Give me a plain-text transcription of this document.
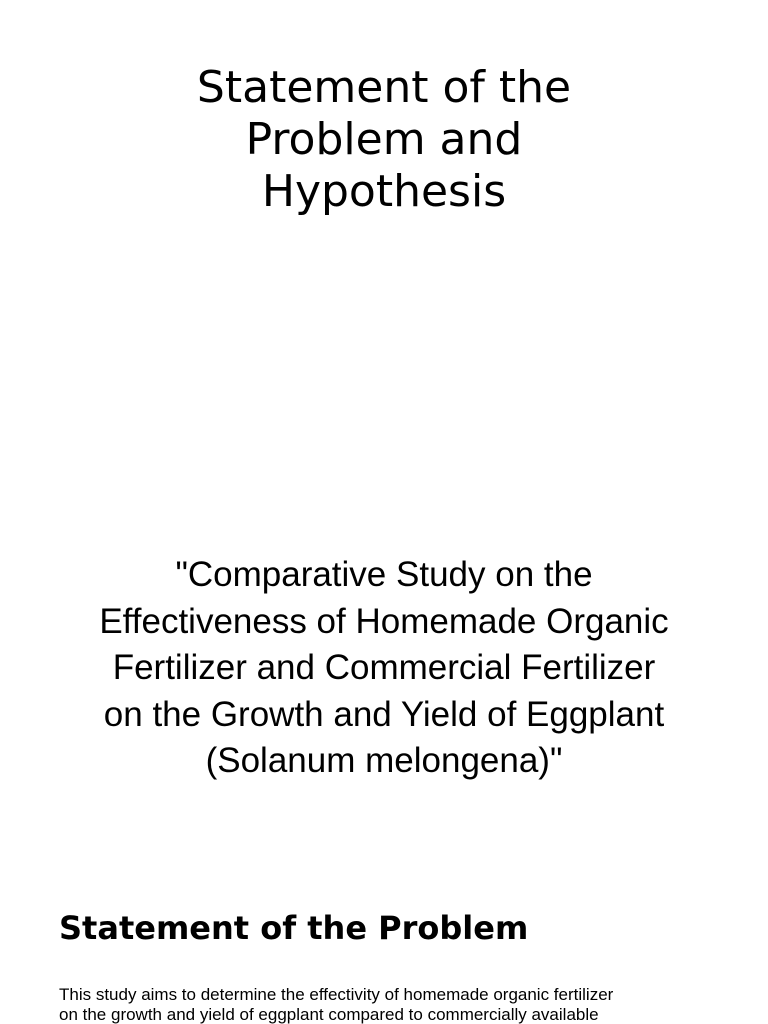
Statement of the
Problem and
Hypothesis
"Comparative Study on the
Effectiveness of Homemade Organic
Fertilizer and Commercial Fertilizer
on the Growth and Yield of Eggplant
(Solanum melongena)"
Statement of the Problem
This study aims to determine the effectivity of homemade organic fertilizer
on the growth and yield of eggplant compared to commercially available
